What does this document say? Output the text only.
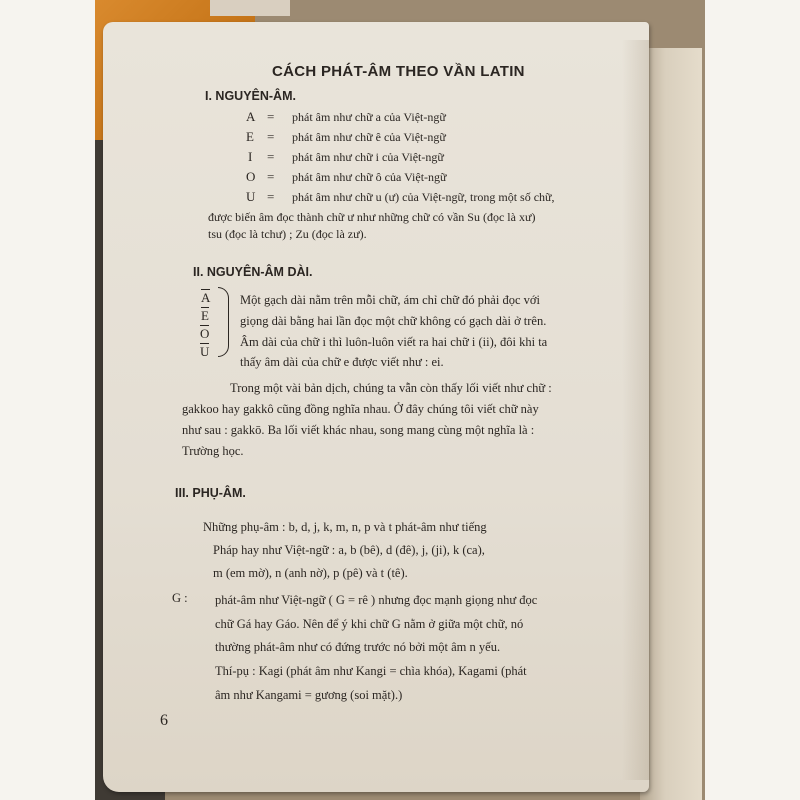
CÁCH PHÁT-ÂM THEO VẦN LATIN
I. NGUYÊN-ÂM.
A = phát âm như chữ a của Việt-ngữ
E = phát âm như chữ ê của Việt-ngữ
I = phát âm như chữ i của Việt-ngữ
O = phát âm như chữ ô của Việt-ngữ
U = phát âm như chữ u (ư) của Việt-ngữ, trong một số chữ,
được biến âm đọc thành chữ ư như những chữ có vần Su (đọc là xư)
tsu (đọc là tchư) ; Zu (đọc là zư).
II. NGUYÊN-ÂM DÀI.
A
E
O
U
Một gạch dài nằm trên mỗi chữ, ám chỉ chữ đó phải đọc với
giọng dài bằng hai lần đọc một chữ không có gạch dài ở trên.
Âm dài của chữ i thì luôn-luôn viết ra hai chữ i (ii), đôi khi ta
thấy âm dài của chữ e được viết như : ei.
Trong một vài bản dịch, chúng ta vẫn còn thấy lối viết như chữ :
gakkoo hay gakkô cũng đồng nghĩa nhau. Ở đây chúng tôi viết chữ này
như sau : gakkō. Ba lối viết khác nhau, song mang cùng một nghĩa là :
Trường học.
III. PHỤ-ÂM.
Những phụ-âm : b, d, j, k, m, n, p và t phát-âm như tiếng
Pháp hay như Việt-ngữ : a, b (bê), d (đê), j, (ji), k (ca),
m (em mờ), n (anh nờ), p (pê) và t (tê).
G : phát-âm như Việt-ngữ ( G = rê ) nhưng đọc mạnh giọng như đọc
chữ Gá hay Gáo. Nên để ý khi chữ G nằm ở giữa một chữ, nó
thường phát-âm như có đứng trước nó bởi một âm n yếu.
Thí-pụ : Kagi (phát âm như Kangi = chìa khóa), Kagami (phát
âm như Kangami = gương (soi mặt).)
6
